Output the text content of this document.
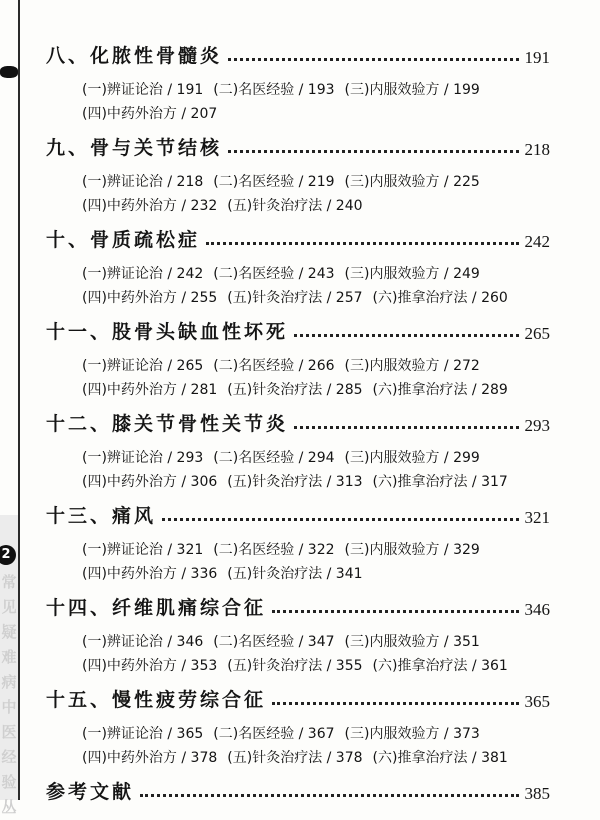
2
常
见
疑
难
病
中
医
经
验
丛
八、化脓性骨髓炎	191
(一)辨证论治 / 191 (二)名医经验 / 193 (三)内服效验方 / 199
(四)中药外治方 / 207
九、骨与关节结核	218
(一)辨证论治 / 218 (二)名医经验 / 219 (三)内服效验方 / 225
(四)中药外治方 / 232 (五)针灸治疗法 / 240
十、骨质疏松症	242
(一)辨证论治 / 242 (二)名医经验 / 243 (三)内服效验方 / 249
(四)中药外治方 / 255 (五)针灸治疗法 / 257 (六)推拿治疗法 / 260
十一、股骨头缺血性坏死	265
(一)辨证论治 / 265 (二)名医经验 / 266 (三)内服效验方 / 272
(四)中药外治方 / 281 (五)针灸治疗法 / 285 (六)推拿治疗法 / 289
十二、膝关节骨性关节炎	293
(一)辨证论治 / 293 (二)名医经验 / 294 (三)内服效验方 / 299
(四)中药外治方 / 306 (五)针灸治疗法 / 313 (六)推拿治疗法 / 317
十三、痛风	321
(一)辨证论治 / 321 (二)名医经验 / 322 (三)内服效验方 / 329
(四)中药外治方 / 336 (五)针灸治疗法 / 341
十四、纤维肌痛综合征	346
(一)辨证论治 / 346 (二)名医经验 / 347 (三)内服效验方 / 351
(四)中药外治方 / 353 (五)针灸治疗法 / 355 (六)推拿治疗法 / 361
十五、慢性疲劳综合征	365
(一)辨证论治 / 365 (二)名医经验 / 367 (三)内服效验方 / 373
(四)中药外治方 / 378 (五)针灸治疗法 / 378 (六)推拿治疗法 / 381
参考文献	385
